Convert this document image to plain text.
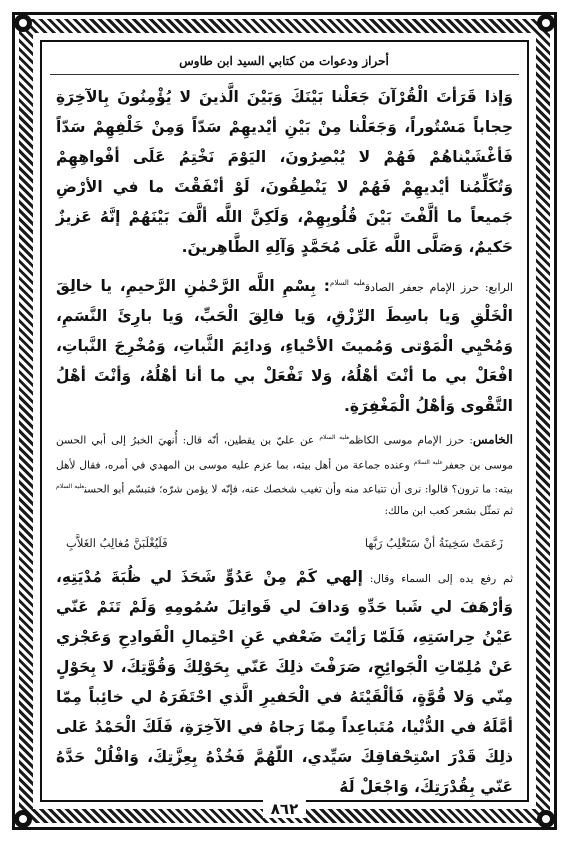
أحراز ودعوات من كتابي السيد ابن طاوس

وَإذا قَرَأتَ الْقُرْآنَ جَعَلْنا بَيْنَكَ وَبَيْنَ الَّذينَ لا يُؤْمِنُونَ بِالآخِرَةِ حِجاباً مَسْتُوراً، وَجَعَلْنا مِنْ بَيْنِ أيْديهِمْ سَدّاً وَمِنْ خَلْفِهِمْ سَدّاً فَأغْشَيْناهُمْ فَهُمْ لا يُبْصِرُونَ، اليَوْمَ نَخْتِمُ عَلَى أفْواهِهِمْ وَتُكَلِّمُنا أيْديهِمْ فَهُمْ لا يَنْطِقُونَ، لَوْ أنْفَقْتَ ما في الأرْضِ جَميعاً ما ألَّفْتَ بَيْنَ قُلُوبِهِمْ، وَلَكِنَّ اللَّه ألَّفَ بَيْنَهُمْ إنَّهُ عَزيزٌ حَكيمٌ، وَصَلَّى اللَّه عَلَى مُحَمَّدٍ وَآلِهِ الطَّاهِرينَ.

الرابع: حرز الإمام جعفر الصادق$^{عليه السلام}$: بِسْمِ اللَّه الرَّحْمٰنِ الرَّحيمِ، يا خالِقَ الْخَلْقِ وَيا باسِطَ الرِّزْقِ، وَيا فالِقَ الْحَبِّ، وَيا بارِئَ النَّسَمِ، وَمُحْيِي الْمَوْتى وَمُميتَ الأحْياءِ، وَدائِمَ الثَّباتِ، وَمُخْرِجَ النَّباتِ، افْعَلْ بي ما أنْتَ أهْلُهُ، وَلا تَفْعَلْ بي ما أنا أهْلُهُ، وَأنْتَ أهْلُ التَّقْوى وَأهْلُ الْمَغْفِرَةِ.

الخامس: حرز الإمام موسى الكاظم$^{عليه السلام}$ عن عليّ بن يقطين، أنّه قال: أُنهيَ الخبرُ إلى أبي الحسن موسى بن جعفر$^{عليه السلام}$ وعنده جماعة من أهل بيته، بما عزم عليه موسى بن المهدي في أمره، فقال لأهل بيته: ما ترون؟ قالوا: نرى أن تتباعد منه وأن تغيب شخصك عنه، فإنّه لا يؤمن شرّه؛ فتبسّم أبو الحسن$^{عليه السلام}$ ثم تمثّل بشعر كعب ابن مالك:

زَعَمَتْ سَخِينَةُ أنْ سَتَغْلِبُ رَبَّها
فَلَيُغْلَبَنَّ مُغالِبُ الغَلاَّبِ

ثم رفع يده إلى السماء وقال: إلهي كَمْ مِنْ عَدُوٍّ شَحَذَ لي ظُبَةَ مُدْيَتِهِ، وَأرْهَفَ لي شَبا حَدِّهِ وَدافَ لي قَواتِلَ سُمُومِهِ وَلَمْ تَنَمْ عَنّي عَيْنُ حِراسَتِهِ، فَلَمّا رَأيْتَ ضَعْفي عَنِ احْتِمالِ الْفَوادِحِ وَعَجْزي عَنْ مُلِمّاتِ الْجَوائِحِ، صَرَفْتَ ذلِكَ عَنّي بِحَوْلِكَ وَقُوَّتِكَ، لا بِحَوْلٍ مِنّي وَلا قُوَّةٍ، فَألْقَيْتَهُ في الْحَفيرِ الَّذي احْتَفَرَهُ لي خائِباً مِمّا أمَّلَهُ في الدُّنْيا، مُتَباعِداً مِمّا رَجاهُ في الآخِرَةِ، فَلَكَ الْحَمْدُ عَلى ذلِكَ قَدْرَ اسْتِحْقاقِكَ سَيِّدي، اللّهُمَّ فَخُذْهُ بِعِزَّتِكَ، وَافْلُلْ حَدَّهُ عَنّي بِقُدْرَتِكَ، وَاجْعَلْ لَهُ

٨٦٢
